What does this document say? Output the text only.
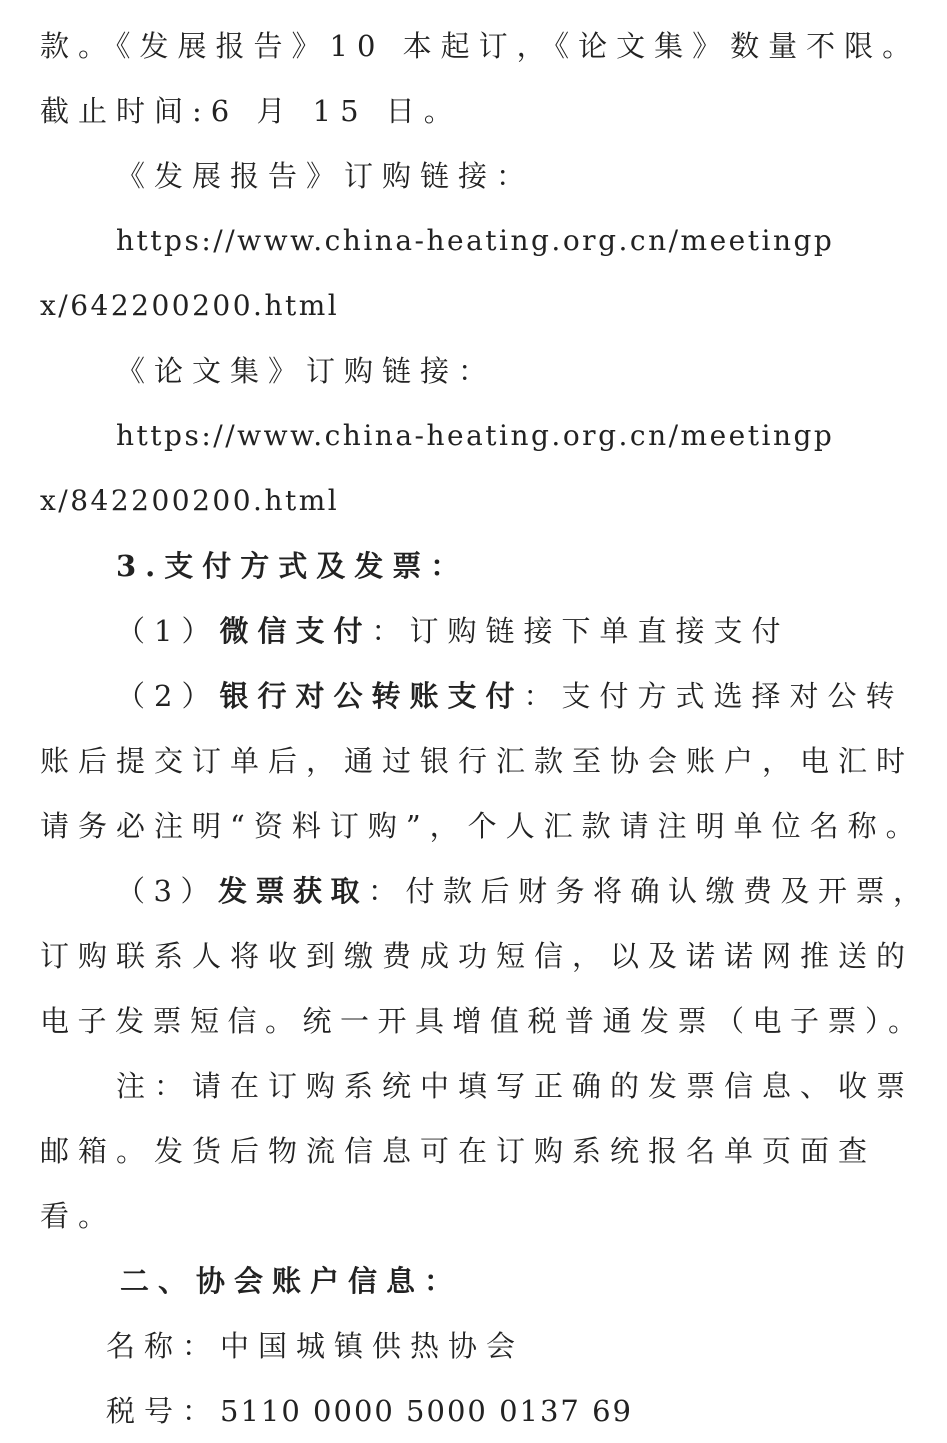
款。《发展报告》10 本起订，《论文集》数量不限。
截止时间:6 月 15 日。
《发展报告》订购链接：
https://www.china-heating.org.cn/meetingp
x/642200200.html
《论文集》订购链接：
https://www.china-heating.org.cn/meetingp
x/842200200.html
3.支付方式及发票：
（1）微信支付：订购链接下单直接支付
（2）银行对公转账支付：支付方式选择对公转
账后提交订单后，通过银行汇款至协会账户，电汇时
请务必注明“资料订购”，个人汇款请注明单位名称。
（3）发票获取：付款后财务将确认缴费及开票，
订购联系人将收到缴费成功短信，以及诺诺网推送的
电子发票短信。统一开具增值税普通发票（电子票）。
注：请在订购系统中填写正确的发票信息、收票
邮箱。发货后物流信息可在订购系统报名单页面查
看。
二、协会账户信息：
名称：中国城镇供热协会
税号：5110 0000 5000 0137 69
